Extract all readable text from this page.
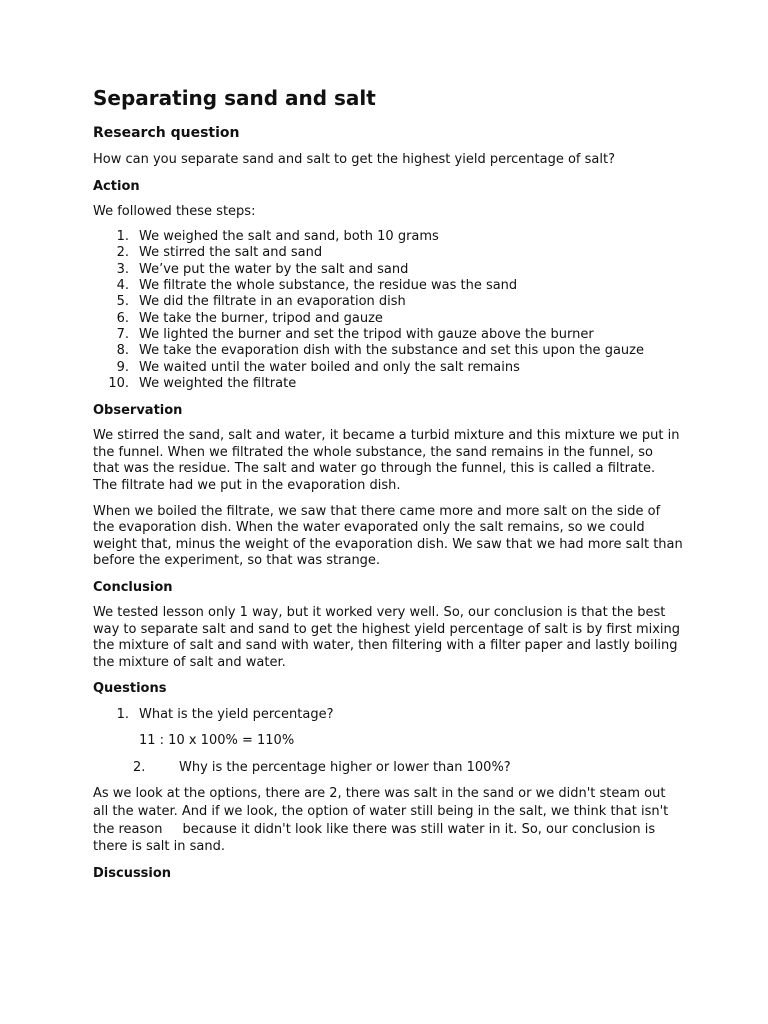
Separating sand and salt
Research question

How can you separate sand and salt to get the highest yield percentage of salt?

Action

We followed these steps:

1. We weighed the salt and sand, both 10 grams
2. We stirred the salt and sand
3. We’ve put the water by the salt and sand
4. We filtrate the whole substance, the residue was the sand
5. We did the filtrate in an evaporation dish
6. We take the burner, tripod and gauze
7. We lighted the burner and set the tripod with gauze above the burner
8. We take the evaporation dish with the substance and set this upon the gauze
9. We waited until the water boiled and only the salt remains
10. We weighted the filtrate
Observation

We stirred the sand, salt and water, it became a turbid mixture and this mixture we put in the funnel. When we filtrated the whole substance, the sand remains in the funnel, so that was the residue. The salt and water go through the funnel, this is called a filtrate. The filtrate had we put in the evaporation dish.

When we boiled the filtrate, we saw that there came more and more salt on the side of the evaporation dish. When the water evaporated only the salt remains, so we could weight that, minus the weight of the evaporation dish. We saw that we had more salt than before the experiment, so that was strange.

Conclusion

We tested lesson only 1 way, but it worked very well. So, our conclusion is that the best way to separate salt and sand to get the highest yield percentage of salt is by first mixing the mixture of salt and sand with water, then filtering with a filter paper and lastly boiling the mixture of salt and water.

Questions
1. What is the yield percentage?
11 : 10 x 100% = 110%
2.	Why is the percentage higher or lower than 100%?

As we look at the options, there are 2, there was salt in the sand or we didn't steam out all the water. And if we look, the option of water still being in the salt, we think that isn't the reason because it didn't look like there was still water in it. So, our conclusion is there is salt in sand.

Discussion
